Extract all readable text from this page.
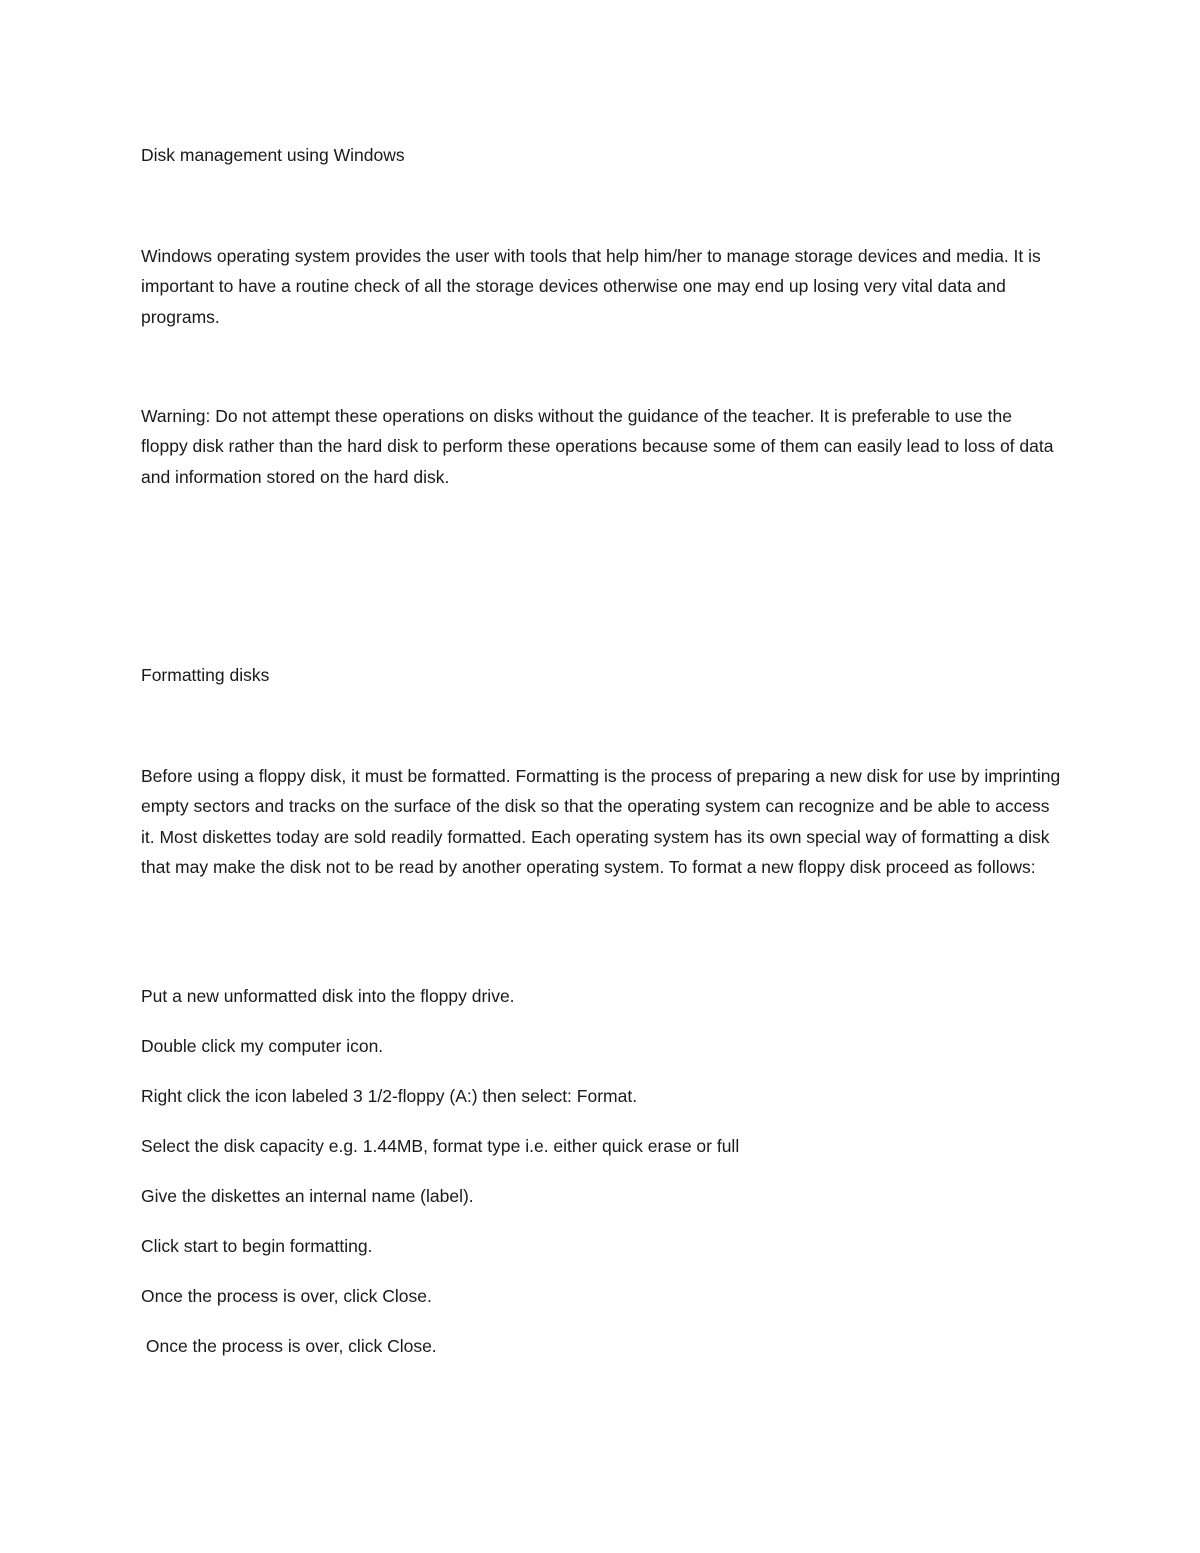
Disk management using Windows

Windows operating system provides the user with tools that help him/her to manage storage devices and media. It is important to have a routine check of all the storage devices otherwise one may end up losing very vital data and programs.

Warning: Do not attempt these operations on disks without the guidance of the teacher. It is preferable to use the floppy disk rather than the hard disk to perform these operations because some of them can easily lead to loss of data and information stored on the hard disk.

Formatting disks

Before using a floppy disk, it must be formatted. Formatting is the process of preparing a new disk for use by imprinting empty sectors and tracks on the surface of the disk so that the operating system can recognize and be able to access it. Most diskettes today are sold readily formatted. Each operating system has its own special way of formatting a disk that may make the disk not to be read by another operating system. To format a new floppy disk proceed as follows:

Put a new unformatted disk into the floppy drive.
Double click my computer icon.
Right click the icon labeled 3 1/2-floppy (A:) then select: Format.
Select the disk capacity e.g. 1.44MB, format type i.e. either quick erase or full
Give the diskettes an internal name (label).
Click start to begin formatting.
Once the process is over, click Close.
Once the process is over, click Close.
